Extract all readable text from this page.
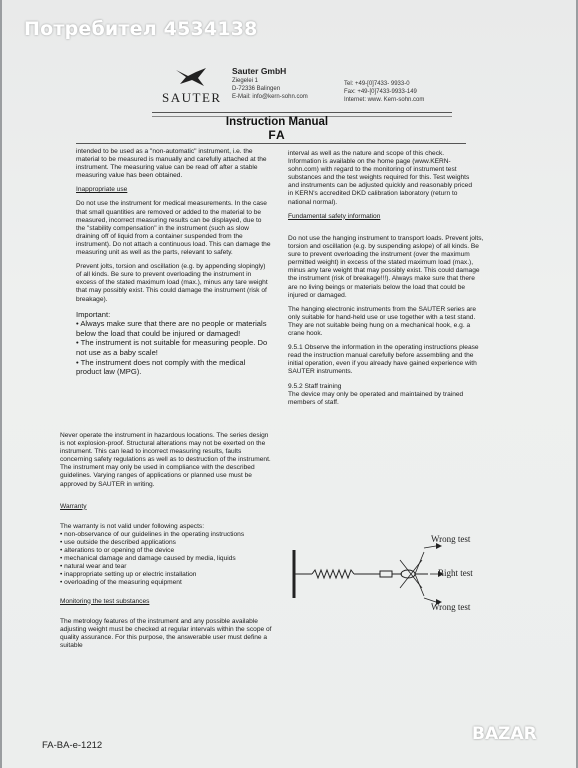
Потребител 4534138
SAUTER
Sauter GmbH
Ziegelei 1
D-72336 Balingen
E-Mail: info@kern-sohn.com
Tel: +49-[0]7433- 9933-0
Fax: +49-[0]7433-9933-149
Internet: www. Kern-sohn.com
Instruction Manual
FA

intended to be used as a "non-automatic" instrument, i.e. the material to be measured is manually and carefully attached at the instrument. The measuring value can be read off after a stable measuring value has been obtained.

Inappropriate use

Do not use the instrument for medical measurements. In the case that small quantities are removed or added to the material to be measured, incorrect measuring results can be displayed, due to the "stability compensation" in the instrument (such as slow draining off of liquid from a container suspended from the instrument). Do not attach a continuous load. This can damage the measuring unit as well as the parts, relevant to safety.

Prevent jolts, torsion and oscillation (e.g. by appending slopingly) of all kinds. Be sure to prevent overloading the instrument in excess of the stated maximum load (max.), minus any tare weight that may possibly exist. This could damage the instrument (risk of breakage).

Important:
• Always make sure that there are no people or materials below the load that could be injured or damaged!
• The instrument is not suitable for measuring people. Do not use as a baby scale!
• The instrument does not comply with the medical product law (MPG).

Never operate the instrument in hazardous locations. The series design is not explosion-proof. Structural alterations may not be exerted on the instrument. This can lead to incorrect measuring results, faults concerning safety regulations as well as to destruction of the instrument. The instrument may only be used in compliance with the described guidelines. Varying ranges of applications or planned use must be approved by SAUTER in writing.

Warranty
The warranty is not valid under following aspects:
• non-observance of our guidelines in the operating instructions
• use outside the described applications
• alterations to or opening of the device
• mechanical damage and damage caused by media, liquids
• natural wear and tear
• inappropriate setting up or electric installation
• overloading of the measuring equipment
Monitoring the test substances

The metrology features of the instrument and any possible available adjusting weight must be checked at regular intervals within the scope of quality assurance. For this purpose, the answerable user must define a suitable

interval as well as the nature and scope of this check. Information is available on the home page (www.KERN-sohn.com) with regard to the monitoring of instrument test substances and the test weights required for this. Test weights and instruments can be adjusted quickly and reasonably priced in KERN's accredited DKD calibration laboratory (return to national normal).

Fundamental safety information

Do not use the hanging instrument to transport loads. Prevent jolts, torsion and oscillation (e.g. by suspending aslope) of all kinds. Be sure to prevent overloading the instrument (over the maximum permitted weight) in excess of the stated maximum load (max.), minus any tare weight that may possibly exist. This could damage the instrument (risk of breakage!!!). Always make sure that there are no living beings or materials below the load that could be injured or damaged.

The hanging electronic instruments from the SAUTER series are only suitable for hand-held use or use together with a test stand. They are not suitable being hung on a mechanical hook, e.g. a crane hook.

9.5.1 Observe the information in the operating instructions please read the instruction manual carefully before assembling and the initial operation, even if you already have gained experience with SAUTER instruments.

9.5.2 Staff training

The device may only be operated and maintained by trained members of staff.

Wrong test
Right test
Wrong test
FA-BA-e-1212
BAZAR
